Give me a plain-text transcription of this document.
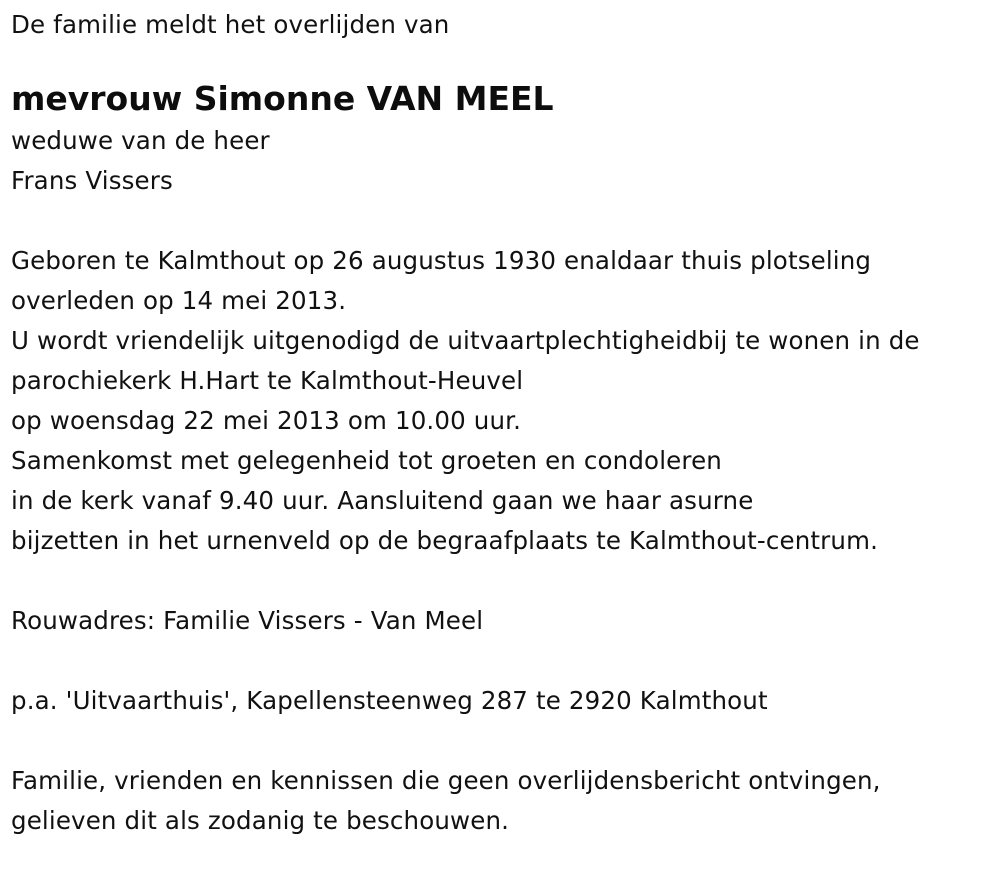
De familie meldt het overlijden van
mevrouw Simonne VAN MEEL
weduwe van de heer
Frans Vissers
Geboren te Kalmthout op 26 augustus 1930 enaldaar thuis plotseling
overleden op 14 mei 2013.
U wordt vriendelijk uitgenodigd de uitvaartplechtigheidbij te wonen in de
parochiekerk H.Hart te Kalmthout-Heuvel
op woensdag 22 mei 2013 om 10.00 uur.
Samenkomst met gelegenheid tot groeten en condoleren
in de kerk vanaf 9.40 uur. Aansluitend gaan we haar asurne
bijzetten in het urnenveld op de begraafplaats te Kalmthout-centrum.
Rouwadres: Familie Vissers - Van Meel
p.a. 'Uitvaarthuis', Kapellensteenweg 287 te 2920 Kalmthout
Familie, vrienden en kennissen die geen overlijdensbericht ontvingen,
gelieven dit als zodanig te beschouwen.
